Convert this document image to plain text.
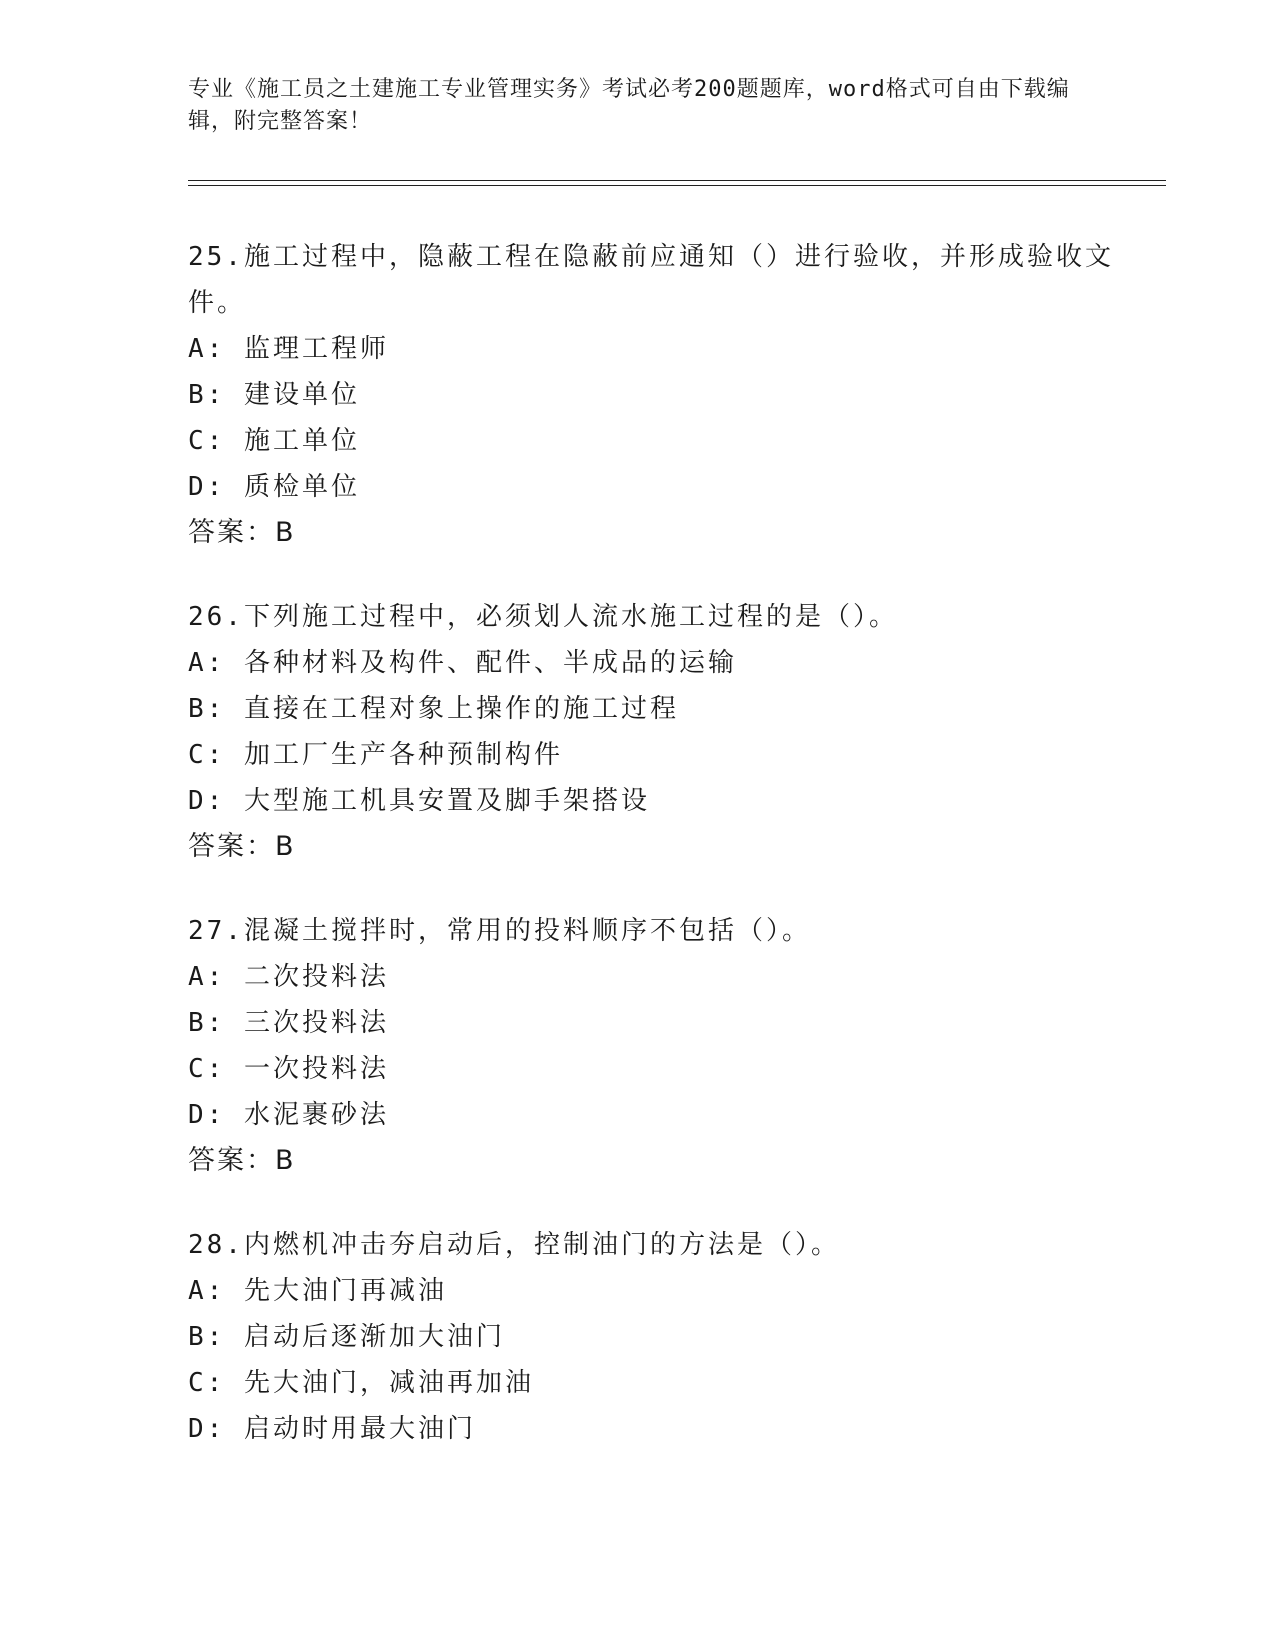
专业《施工员之土建施工专业管理实务》考试必考200题题库，word格式可自由下载编辑，附完整答案！
25.施工过程中，隐蔽工程在隐蔽前应通知（）进行验收，并形成验收文件。
A: 监理工程师
B: 建设单位
C: 施工单位
D: 质检单位
答案：B
26.下列施工过程中，必须划人流水施工过程的是（）。
A: 各种材料及构件、配件、半成品的运输
B: 直接在工程对象上操作的施工过程
C: 加工厂生产各种预制构件
D: 大型施工机具安置及脚手架搭设
答案：B
27.混凝土搅拌时，常用的投料顺序不包括（）。
A: 二次投料法
B: 三次投料法
C: 一次投料法
D: 水泥裹砂法
答案：B
28.内燃机冲击夯启动后，控制油门的方法是（）。
A: 先大油门再减油
B: 启动后逐渐加大油门
C: 先大油门，减油再加油
D: 启动时用最大油门
